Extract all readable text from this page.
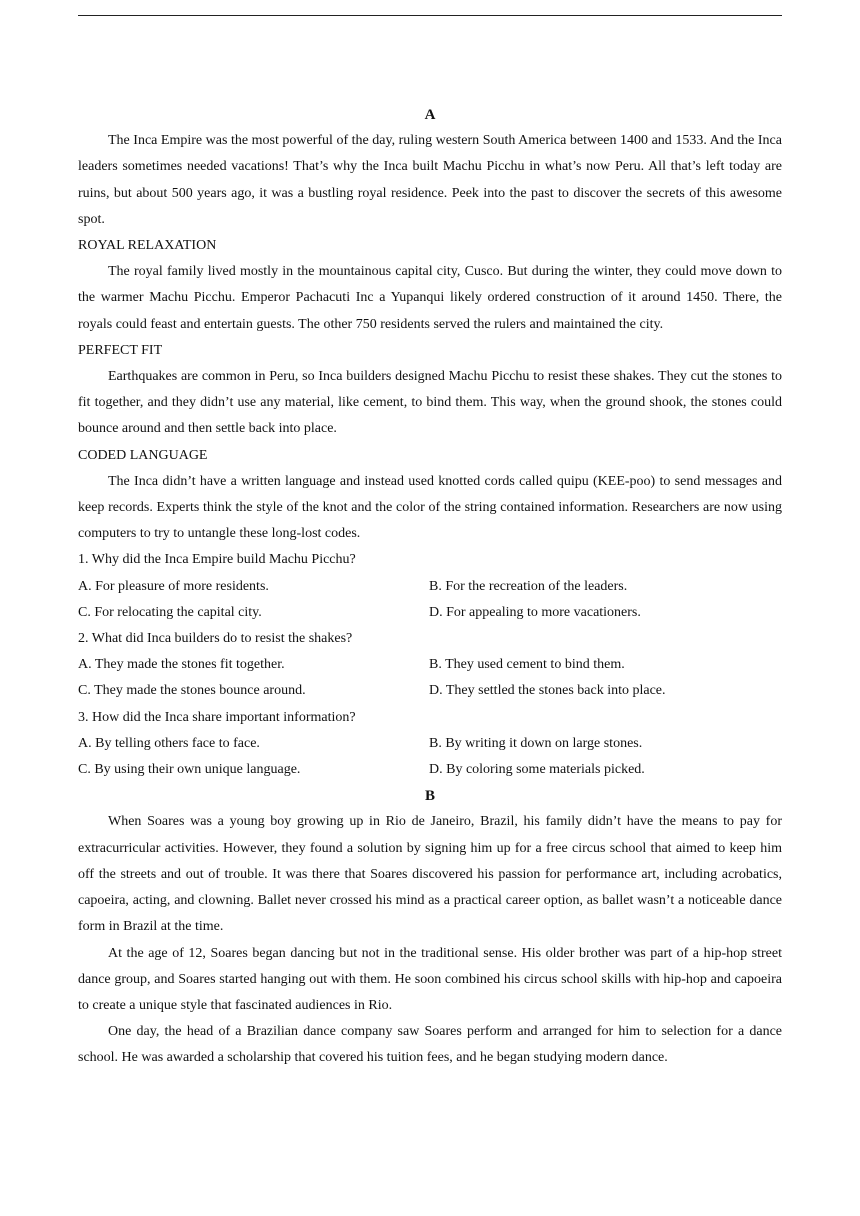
A

The Inca Empire was the most powerful of the day, ruling western South America between 1400 and 1533. And the Inca leaders sometimes needed vacations! That’s why the Inca built Machu Picchu in what’s now Peru. All that’s left today are ruins, but about 500 years ago, it was a bustling royal residence. Peek into the past to discover the secrets of this awesome spot.

ROYAL RELAXATION

The royal family lived mostly in the mountainous capital city, Cusco. But during the winter, they could move down to the warmer Machu Picchu. Emperor Pachacuti Inc a Yupanqui likely ordered construction of it around 1450. There, the royals could feast and entertain guests. The other 750 residents served the rulers and maintained the city.

PERFECT FIT

Earthquakes are common in Peru, so Inca builders designed Machu Picchu to resist these shakes. They cut the stones to fit together, and they didn’t use any material, like cement, to bind them. This way, when the ground shook, the stones could bounce around and then settle back into place.

CODED LANGUAGE

The Inca didn’t have a written language and instead used knotted cords called quipu (KEE-poo) to send messages and keep records. Experts think the style of the knot and the color of the string contained information. Researchers are now using computers to try to untangle these long-lost codes.

1. Why did the Inca Empire build Machu Picchu?

A. For pleasure of more residents.	B. For the recreation of the leaders.
C. For relocating the capital city.	D. For appealing to more vacationers.

2. What did Inca builders do to resist the shakes?

A. They made the stones fit together.	B. They used cement to bind them.
C. They made the stones bounce around.	D. They settled the stones back into place.

3. How did the Inca share important information?

A. By telling others face to face.	B. By writing it down on large stones.
C. By using their own unique language.	D. By coloring some materials picked.

B

When Soares was a young boy growing up in Rio de Janeiro, Brazil, his family didn’t have the means to pay for extracurricular activities. However, they found a solution by signing him up for a free circus school that aimed to keep him off the streets and out of trouble. It was there that Soares discovered his passion for performance art, including acrobatics, capoeira, acting, and clowning. Ballet never crossed his mind as a practical career option, as ballet wasn’t a noticeable dance form in Brazil at the time.

At the age of 12, Soares began dancing but not in the traditional sense. His older brother was part of a hip-hop street dance group, and Soares started hanging out with them. He soon combined his circus school skills with hip-hop and capoeira to create a unique style that fascinated audiences in Rio.

One day, the head of a Brazilian dance company saw Soares perform and arranged for him to selection for a dance school. He was awarded a scholarship that covered his tuition fees, and he began studying modern dance.
